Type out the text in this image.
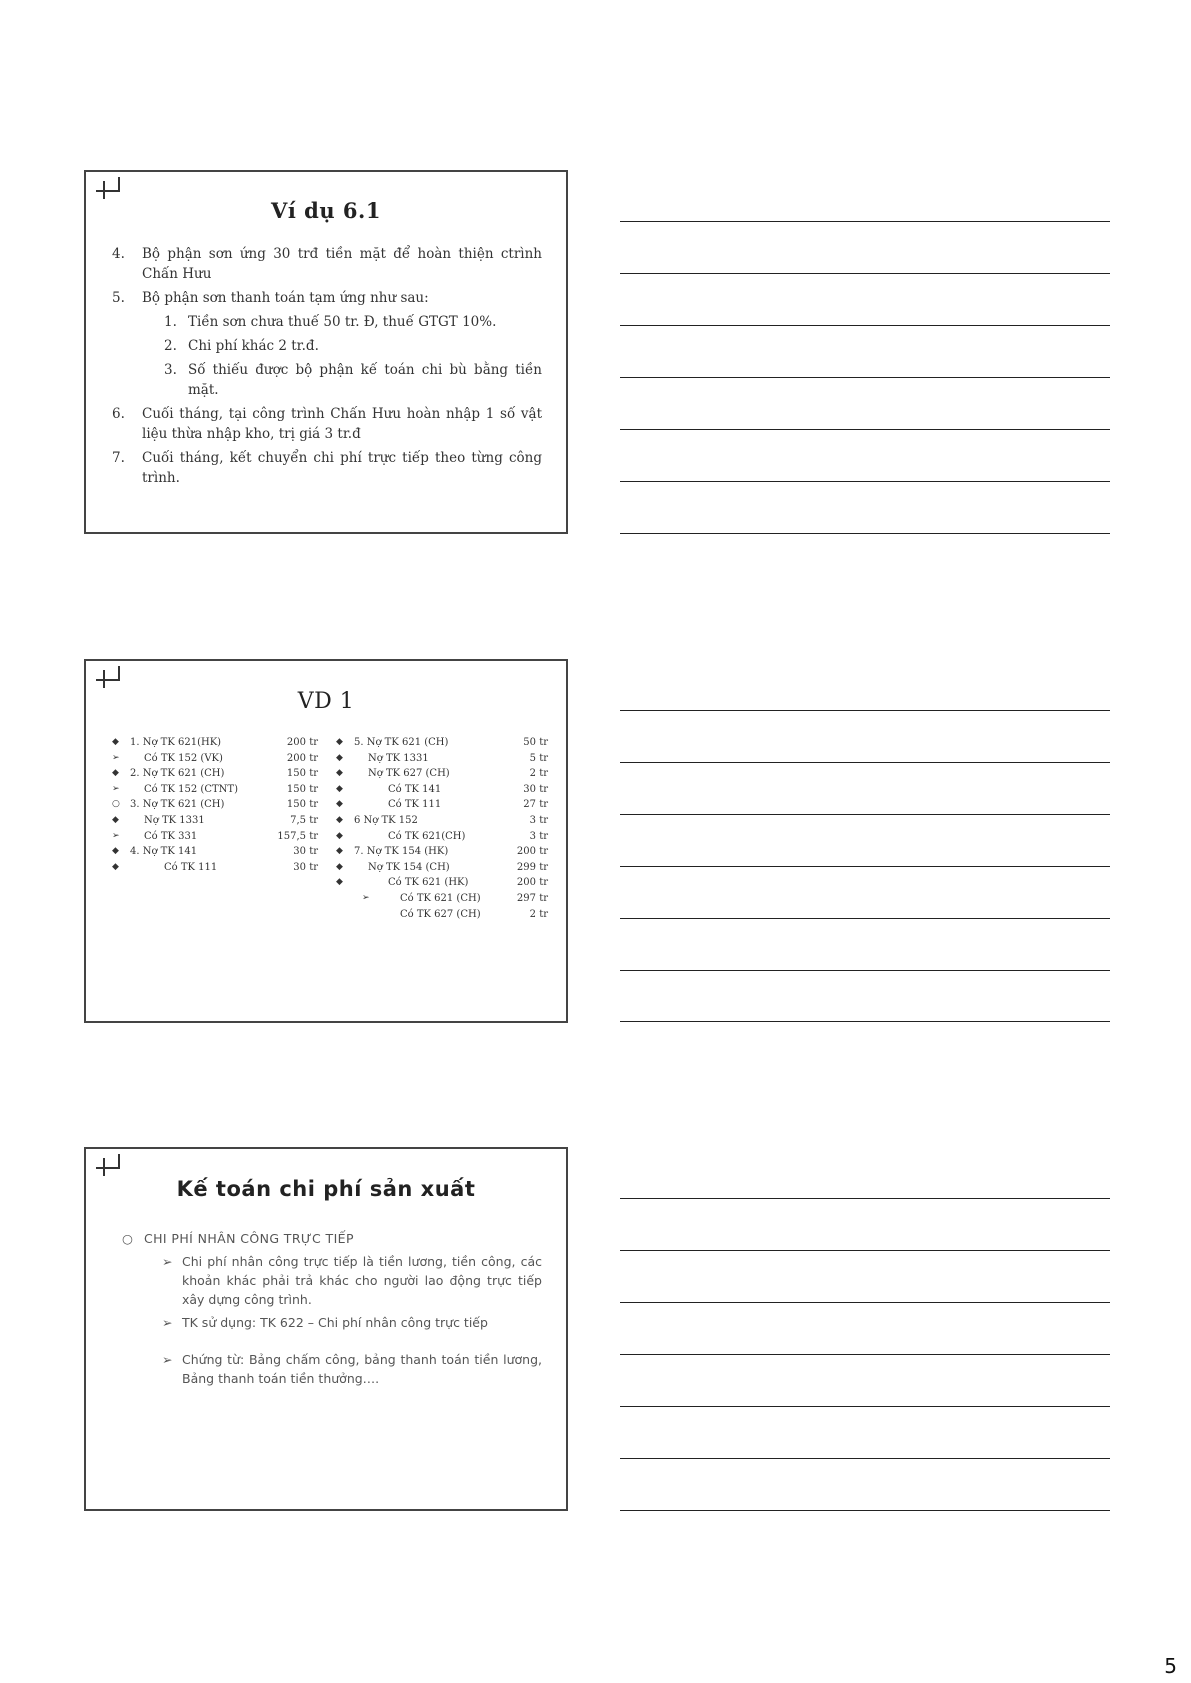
Ví dụ 6.1
4.	Bộ phận sơn ứng 30 trđ tiền mặt để hoàn thiện ctrình Chấn Hưu
5.	Bộ phận sơn thanh toán tạm ứng như sau:
1. Tiền sơn chưa thuế 50 tr. Đ, thuế GTGT 10%.
2. Chi phí khác 2 tr.đ.
3. Số thiếu được bộ phận kế toán chi bù bằng tiền mặt.
6.	Cuối tháng, tại công trình Chấn Hưu hoàn nhập 1 số vật liệu thừa nhập kho, trị giá 3 tr.đ
7.	Cuối tháng, kết chuyển chi phí trực tiếp theo từng công trình.
VD 1
◆ 1. Nợ TK 621(HK)	200 tr
➢ Có TK 152 (VK)	200 tr
◆ 2. Nợ TK 621 (CH)	150 tr
➢ Có TK 152 (CTNT)	150 tr
○ 3. Nợ TK 621 (CH)	150 tr
◆	Nợ TK 1331	7,5 tr
➢ Có TK 331	157,5 tr
◆ 4. Nợ TK 141	30 tr
◆	Có TK 111	30 tr
◆ 5. Nợ TK 621 (CH)	50 tr
◆	Nợ TK 1331	5 tr
◆	Nợ TK 627 (CH)	2 tr
◆	Có TK 141	30 tr
◆	Có TK 111	27 tr
◆ 6 Nợ TK 152	3 tr
◆	Có TK 621(CH)	3 tr
◆ 7. Nợ TK 154 (HK)	200 tr
◆	Nợ TK 154 (CH)	299 tr
◆	Có TK 621 (HK)	200 tr
➢	Có TK 621 (CH)	297 tr
Có TK 627 (CH)	2 tr
Kế toán chi phí sản xuất
○ CHI PHÍ NHÂN CÔNG TRỰC TIẾP
➢ Chi phí nhân công trực tiếp là tiền lương, tiền công, các khoản khác phải trả khác cho người lao động trực tiếp xây dựng công trình.
➢ TK sử dụng: TK 622 – Chi phí nhân công trực tiếp
➢ Chứng từ: Bảng chấm công, bảng thanh toán tiền lương, Bảng thanh toán tiền thưởng….
5
